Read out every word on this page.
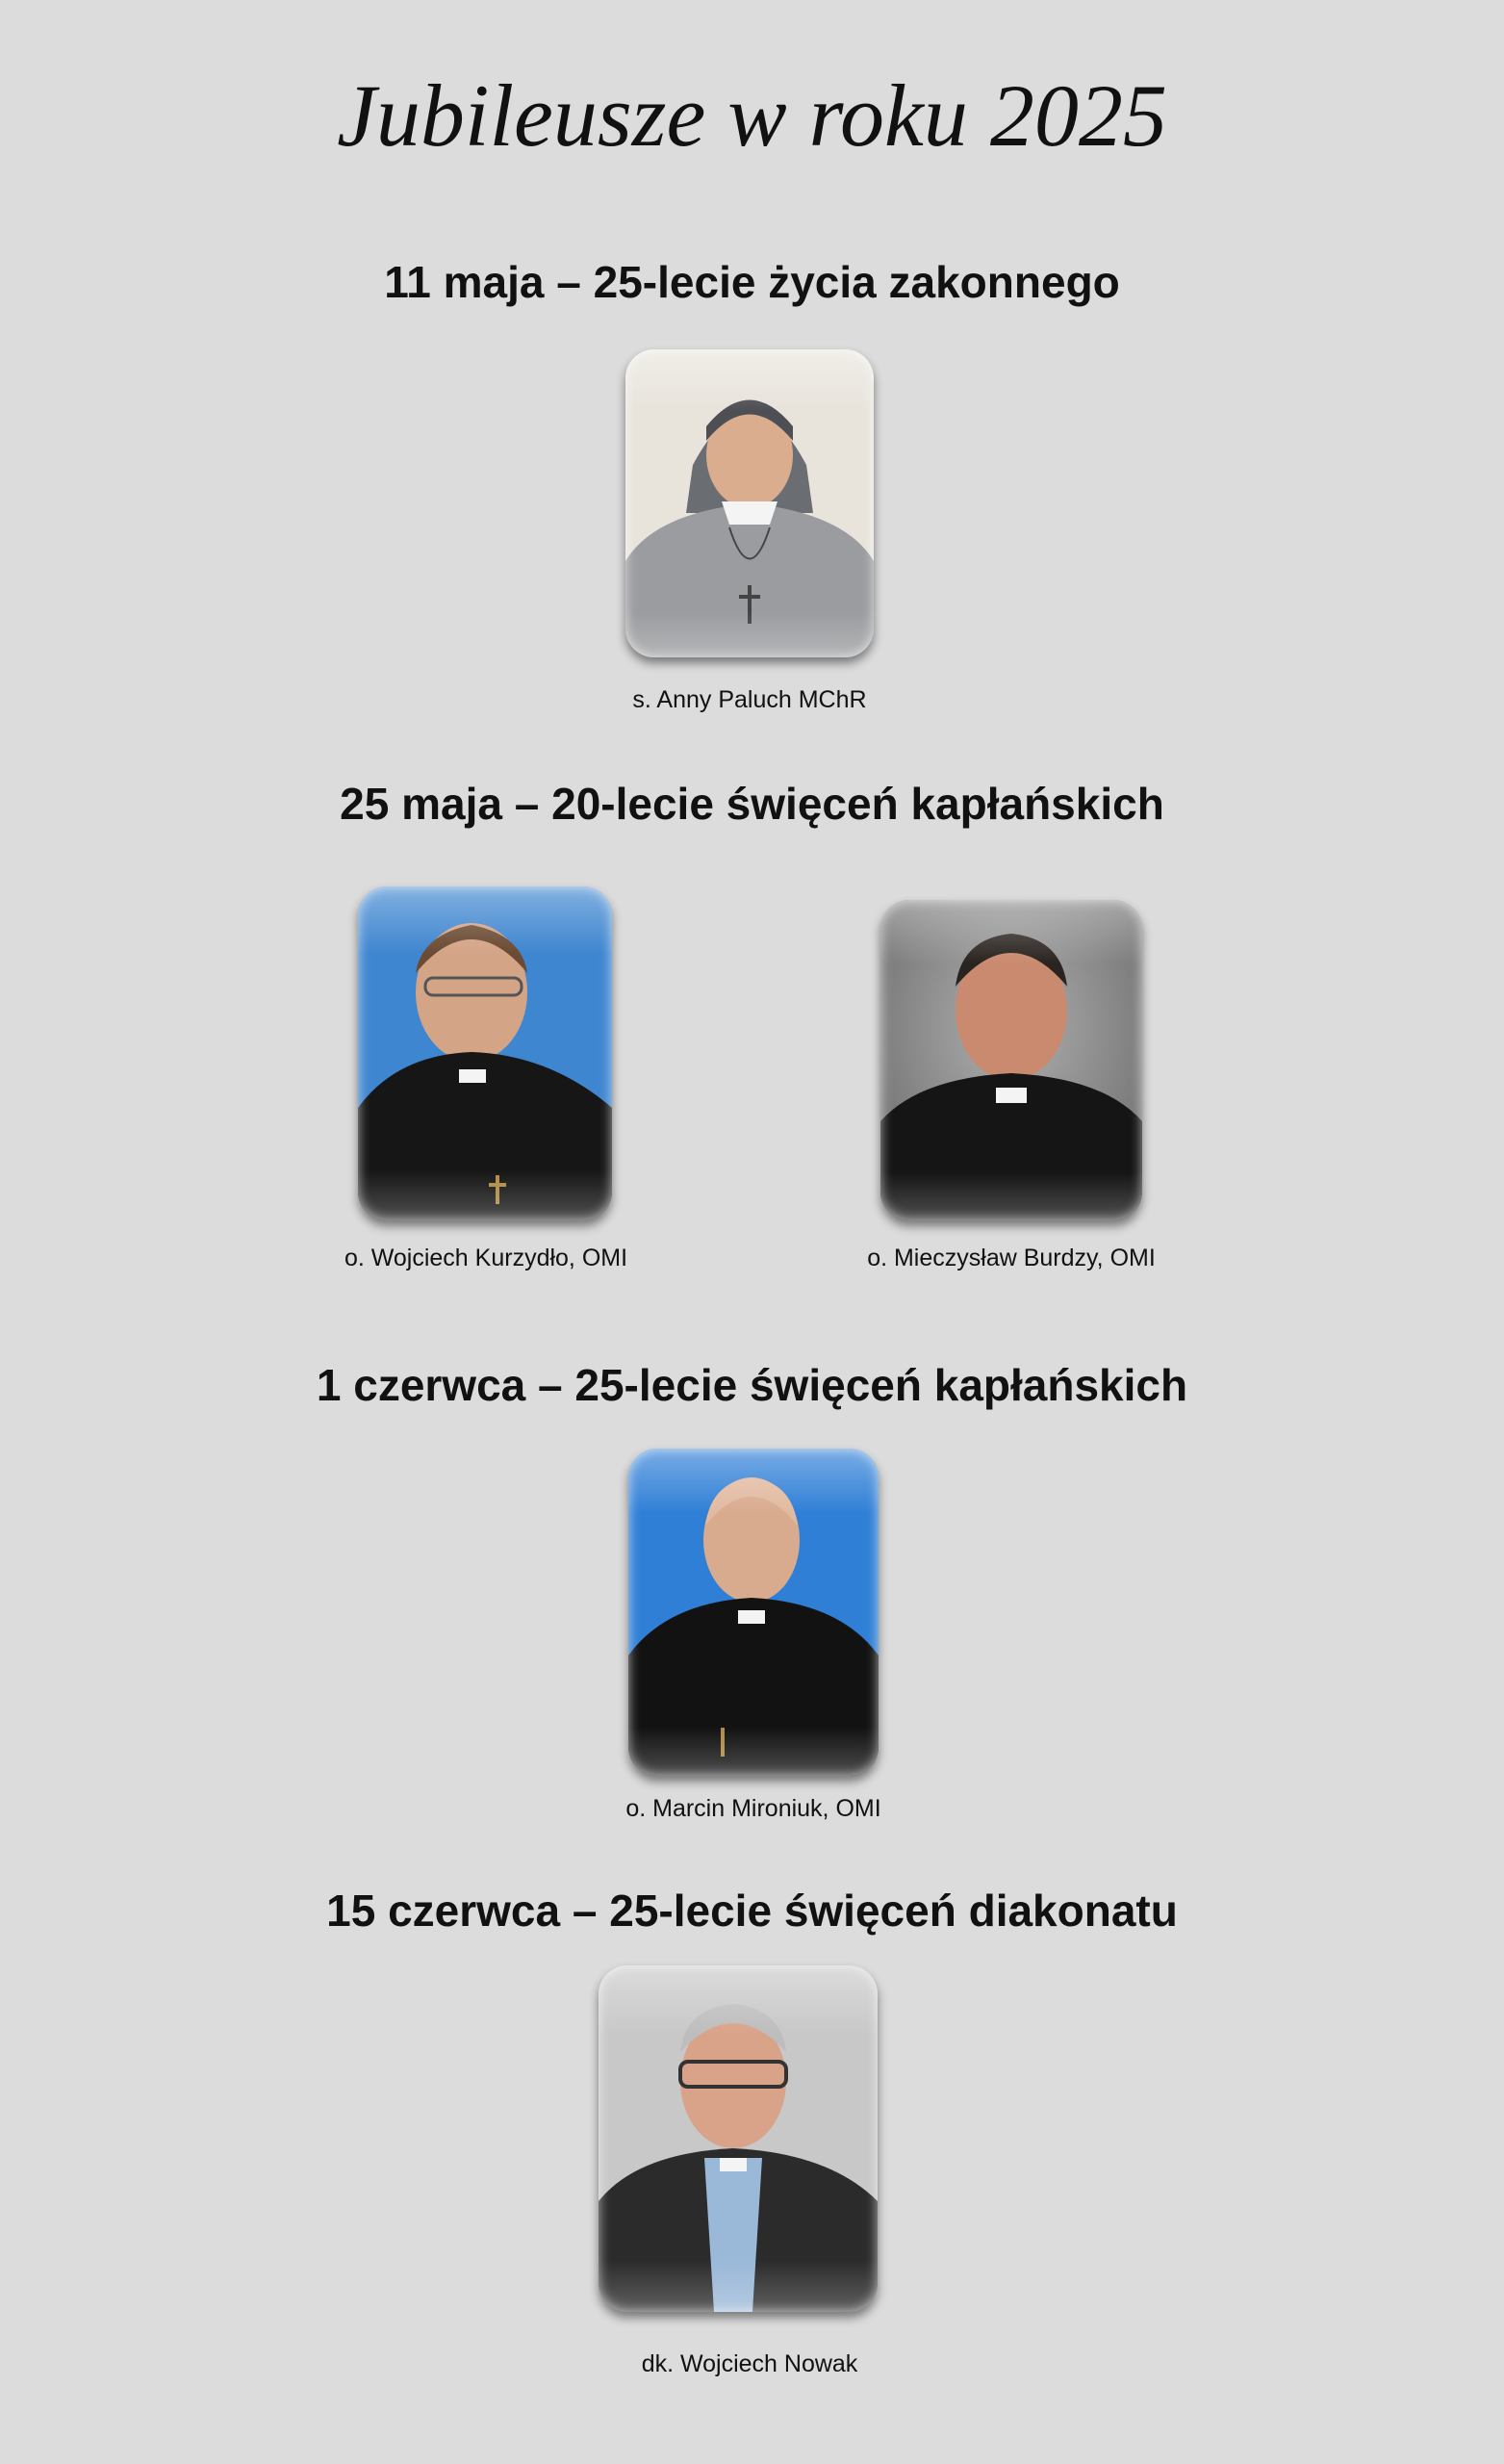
Jubileusze w roku 2025
11 maja – 25-lecie życia zakonnego
s. Anny Paluch MChR
25 maja – 20-lecie święceń kapłańskich
o. Wojciech Kurzydło, OMI	o. Mieczysław Burdzy, OMI
1 czerwca – 25-lecie święceń kapłańskich
o. Marcin Mironiuk, OMI
15 czerwca – 25-lecie święceń diakonatu
dk. Wojciech Nowak
